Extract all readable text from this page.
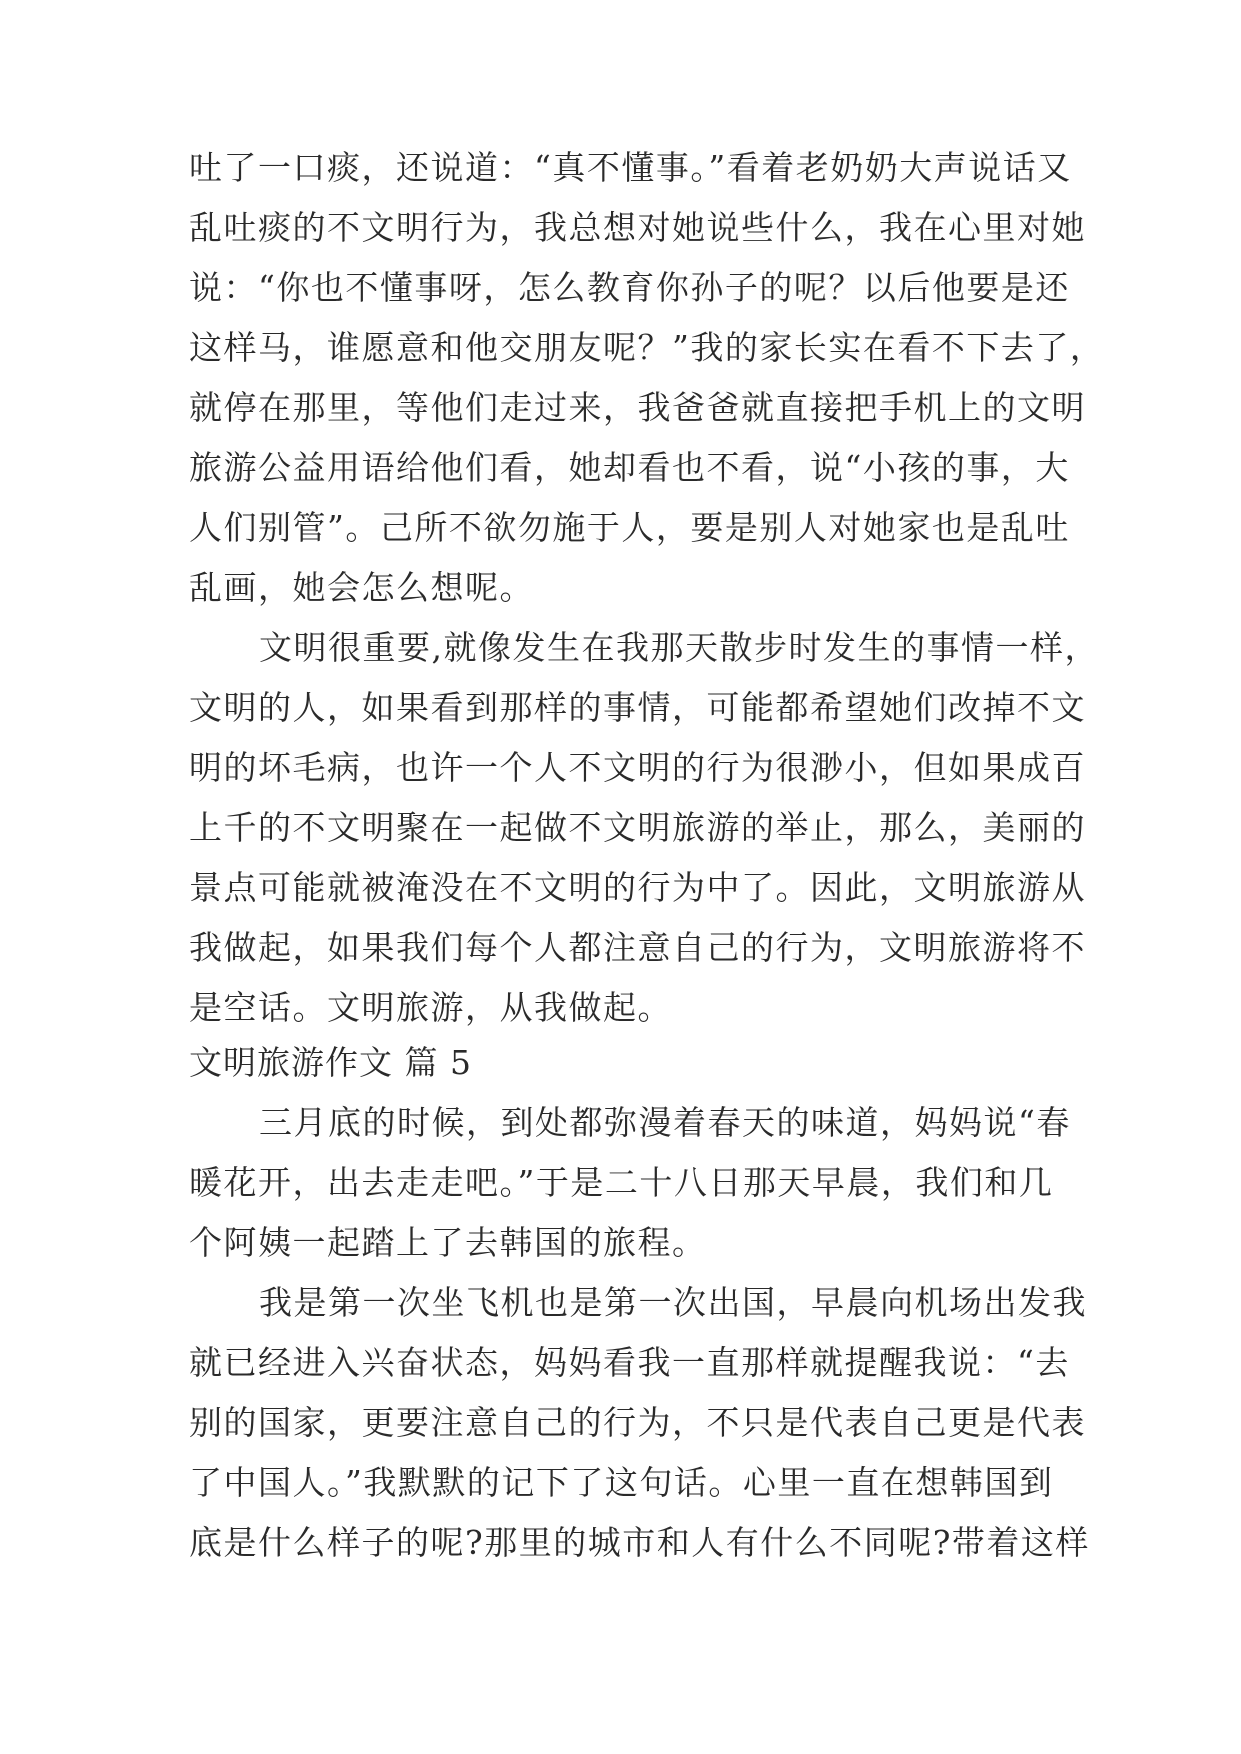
吐了一口痰，还说道：“真不懂事。”看着老奶奶大声说话又
乱吐痰的不文明行为，我总想对她说些什么，我在心里对她
说：“你也不懂事呀，怎么教育你孙子的呢？以后他要是还
这样马，谁愿意和他交朋友呢？”我的家长实在看不下去了，
就停在那里，等他们走过来，我爸爸就直接把手机上的文明
旅游公益用语给他们看，她却看也不看，说“小孩的事，大
人们别管”。己所不欲勿施于人，要是别人对她家也是乱吐
乱画，她会怎么想呢。
文明很重要,就像发生在我那天散步时发生的事情一样，
文明的人，如果看到那样的事情，可能都希望她们改掉不文
明的坏毛病，也许一个人不文明的行为很渺小，但如果成百
上千的不文明聚在一起做不文明旅游的举止，那么，美丽的
景点可能就被淹没在不文明的行为中了。因此，文明旅游从
我做起，如果我们每个人都注意自己的行为，文明旅游将不
是空话。文明旅游，从我做起。
文明旅游作文 篇 5
三月底的时候，到处都弥漫着春天的味道，妈妈说“春
暖花开，出去走走吧。”于是二十八日那天早晨，我们和几
个阿姨一起踏上了去韩国的旅程。
我是第一次坐飞机也是第一次出国，早晨向机场出发我
就已经进入兴奋状态，妈妈看我一直那样就提醒我说：“去
别的国家，更要注意自己的行为，不只是代表自己更是代表
了中国人。”我默默的记下了这句话。心里一直在想韩国到
底是什么样子的呢?那里的城市和人有什么不同呢?带着这样
